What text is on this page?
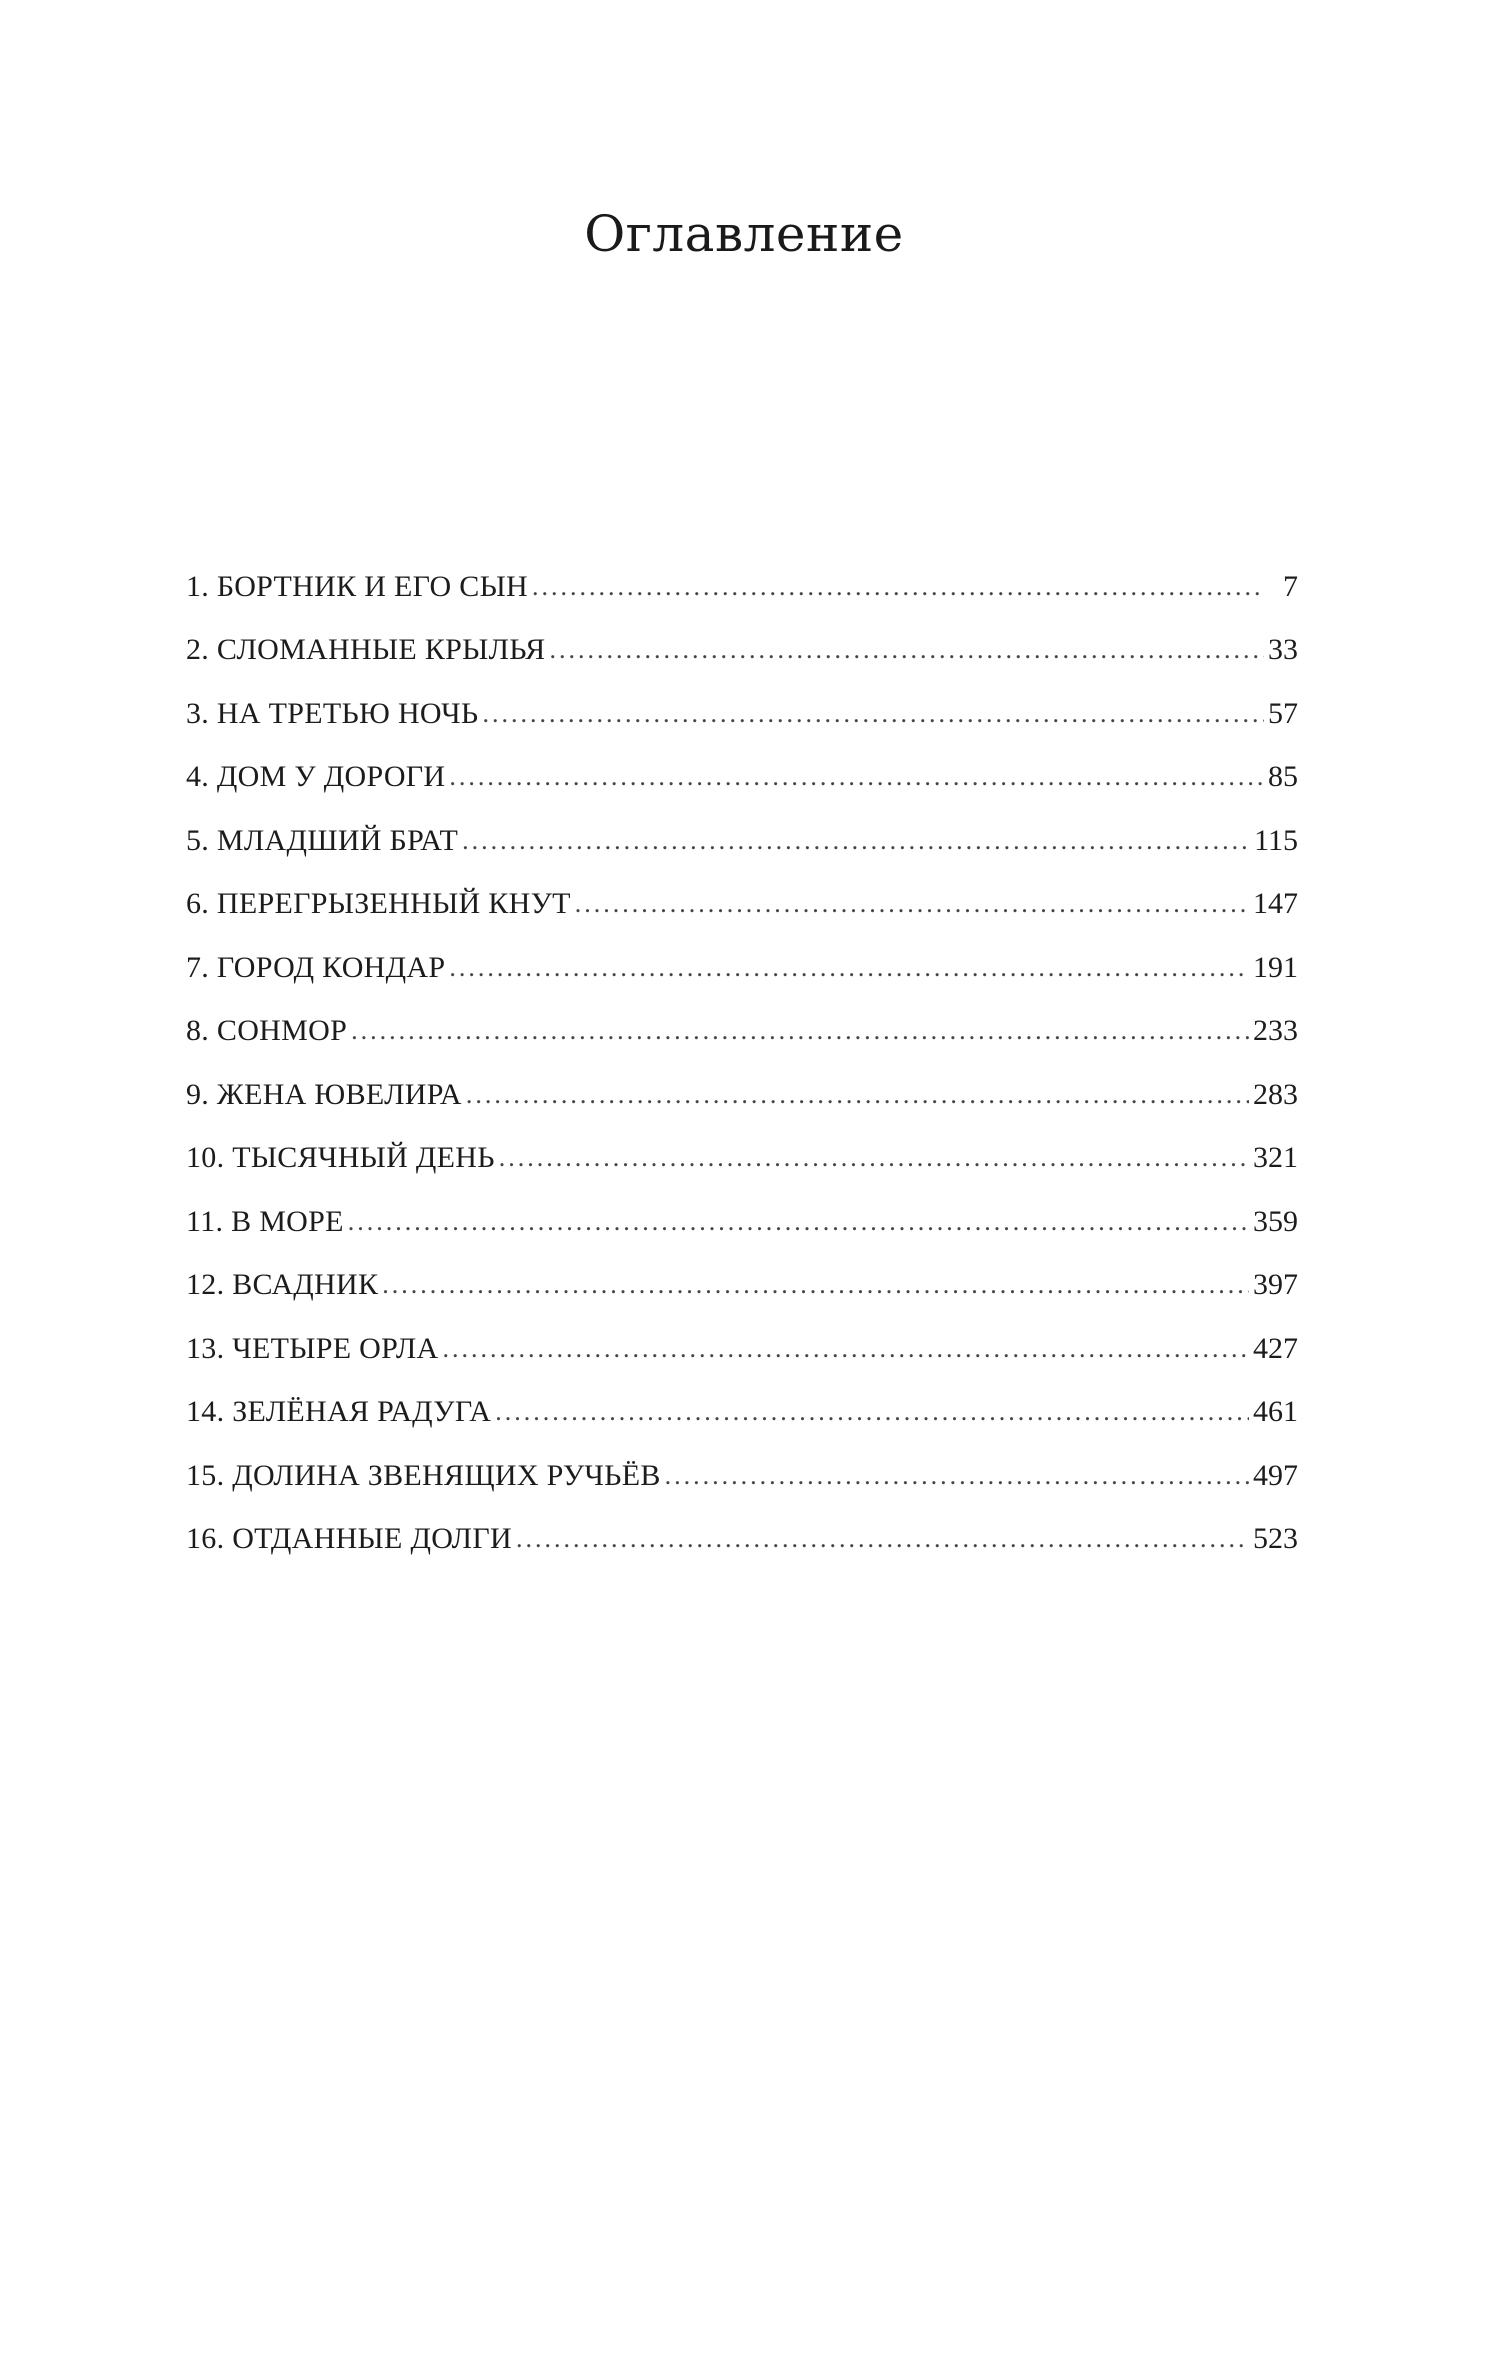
Оглавление
1. БОРТНИК И ЕГО СЫН .....	7
2. СЛОМАННЫЕ КРЫЛЬЯ .....	33
3. НА ТРЕТЬЮ НОЧЬ .....	57
4. ДОМ У ДОРОГИ .....	85
5. МЛАДШИЙ БРАТ .....	115
6. ПЕРЕГРЫЗЕННЫЙ КНУТ .....	147
7. ГОРОД КОНДАР .....	191
8. СОНМОР .....	233
9. ЖЕНА ЮВЕЛИРА .....	283
10. ТЫСЯЧНЫЙ ДЕНЬ .....	321
11. В МОРЕ .....	359
12. ВСАДНИК .....	397
13. ЧЕТЫРЕ ОРЛА .....	427
14. ЗЕЛЁНАЯ РАДУГА .....	461
15. ДОЛИНА ЗВЕНЯЩИХ РУЧЬЁВ .....	497
16. ОТДАННЫЕ ДОЛГИ .....	523
